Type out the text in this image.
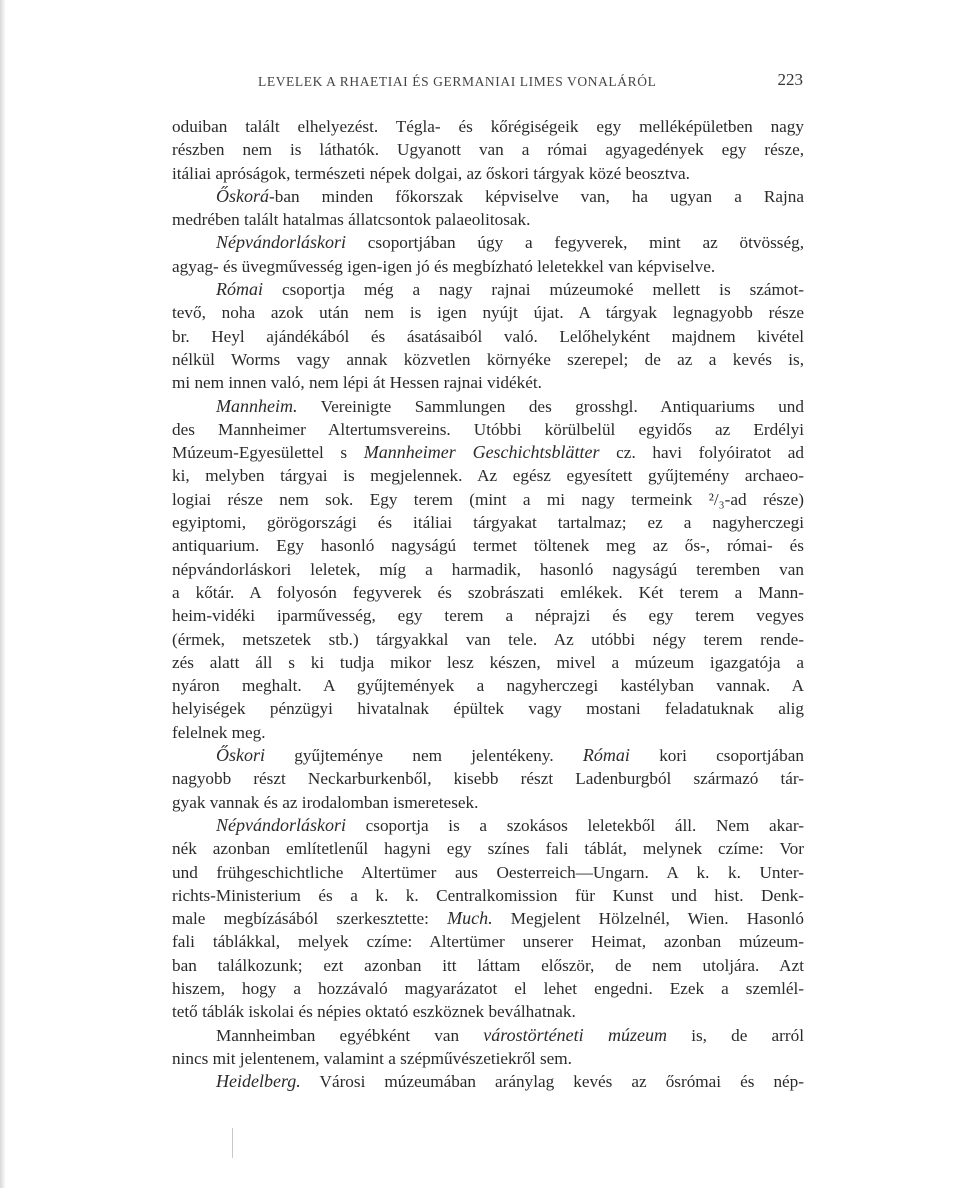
LEVELEK A RHAETIAI ÉS GERMANIAI LIMES VONALÁRÓL	223
oduiban talált elhelyezést. Tégla- és kőrégiségeik egy melléképületben nagy
részben nem is láthatók. Ugyanott van a római agyagedények egy része,
itáliai apróságok, természeti népek dolgai, az őskori tárgyak közé beosztva.
Őskorá-ban minden főkorszak képviselve van, ha ugyan a Rajna
medrében talált hatalmas állatcsontok palaeolitosak.
Népvándorláskori csoportjában úgy a fegyverek, mint az ötvösség,
agyag- és üvegművesség igen-igen jó és megbízható leletekkel van képviselve.
Római csoportja még a nagy rajnai múzeumoké mellett is számot-
tevő, noha azok után nem is igen nyújt újat. A tárgyak legnagyobb része
br. Heyl ajándékából és ásatásaiból való. Lelőhelyként majdnem kivétel
nélkül Worms vagy annak közvetlen környéke szerepel; de az a kevés is,
mi nem innen való, nem lépi át Hessen rajnai vidékét.
Mannheim. Vereinigte Sammlungen des grosshgl. Antiquariums und
des Mannheimer Altertumsvereins. Utóbbi körülbelül egyidős az Erdélyi
Múzeum-Egyesülettel s Mannheimer Geschichtsblätter cz. havi folyóiratot ad
ki, melyben tárgyai is megjelennek. Az egész egyesített gyűjtemény archaeo-
logiai része nem sok. Egy terem (mint a mi nagy termeink ²/₃-ad része)
egyiptomi, görögországi és itáliai tárgyakat tartalmaz; ez a nagyherczegi
antiquarium. Egy hasonló nagyságú termet töltenek meg az ős-, római- és
népvándorláskori leletek, míg a harmadik, hasonló nagyságú teremben van
a kőtár. A folyosón fegyverek és szobrászati emlékek. Két terem a Mann-
heim-vidéki iparművesség, egy terem a néprajzi és egy terem vegyes
(érmek, metszetek stb.) tárgyakkal van tele. Az utóbbi négy terem rende-
zés alatt áll s ki tudja mikor lesz készen, mivel a múzeum igazgatója a
nyáron meghalt. A gyűjtemények a nagyherczegi kastélyban vannak. A
helyiségek pénzügyi hivatalnak épültek vagy mostani feladatuknak alig
felelnek meg.
Őskori gyűjteménye nem jelentékeny. Római kori csoportjában
nagyobb részt Neckarburkenből, kisebb részt Ladenburgból származó tár-
gyak vannak és az irodalomban ismeretesek.
Népvándorláskori csoportja is a szokásos leletekből áll. Nem akar-
nék azonban említetlenűl hagyni egy színes fali táblát, melynek czíme: Vor
und frühgeschichtliche Altertümer aus Oesterreich—Ungarn. A k. k. Unter-
richts-Ministerium és a k. k. Centralkomission für Kunst und hist. Denk-
male megbízásából szerkesztette: Much. Megjelent Hölzelnél, Wien. Hasonló
fali táblákkal, melyek czíme: Altertümer unserer Heimat, azonban múzeum-
ban találkozunk; ezt azonban itt láttam először, de nem utoljára. Azt
hiszem, hogy a hozzávaló magyarázatot el lehet engedni. Ezek a szemlél-
tető táblák iskolai és népies oktató eszköznek beválhatnak.
Mannheimban egyébként van várostörténeti múzeum is, de arról
nincs mit jelentenem, valamint a szépművészetiekről sem.
Heidelberg. Városi múzeumában aránylag kevés az ősrómai és nép-
